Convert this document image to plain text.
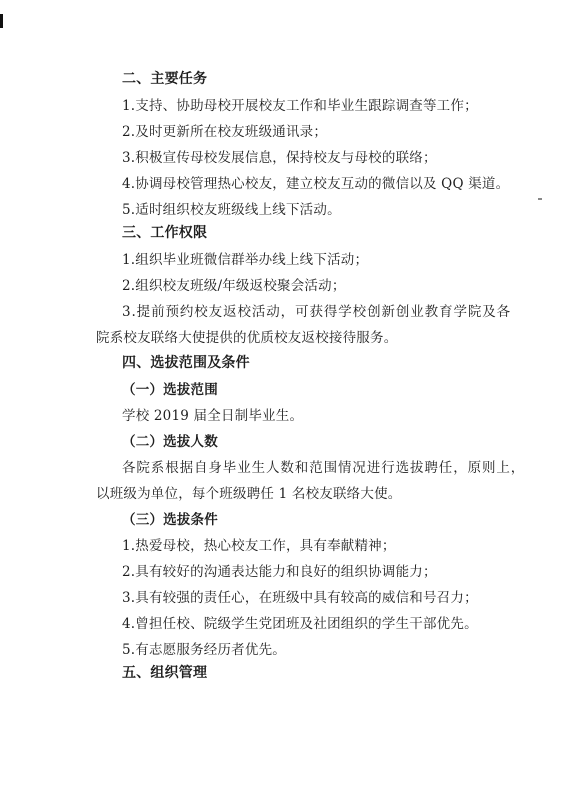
二、主要任务
1.支持、协助母校开展校友工作和毕业生跟踪调查等工作；
2.及时更新所在校友班级通讯录；
3.积极宣传母校发展信息，保持校友与母校的联络；
4.协调母校管理热心校友，建立校友互动的微信以及 QQ 渠道。
5.适时组织校友班级线上线下活动。
三、工作权限
1.组织毕业班微信群举办线上线下活动；
2.组织校友班级/年级返校聚会活动；
3.提前预约校友返校活动，可获得学校创新创业教育学院及各
院系校友联络大使提供的优质校友返校接待服务。
四、选拔范围及条件
（一）选拔范围
学校 2019 届全日制毕业生。
（二）选拔人数
各院系根据自身毕业生人数和范围情况进行选拔聘任，原则上，
以班级为单位，每个班级聘任 1 名校友联络大使。
（三）选拔条件
1.热爱母校，热心校友工作，具有奉献精神；
2.具有较好的沟通表达能力和良好的组织协调能力；
3.具有较强的责任心，在班级中具有较高的威信和号召力；
4.曾担任校、院级学生党团班及社团组织的学生干部优先。
5.有志愿服务经历者优先。
五、组织管理
